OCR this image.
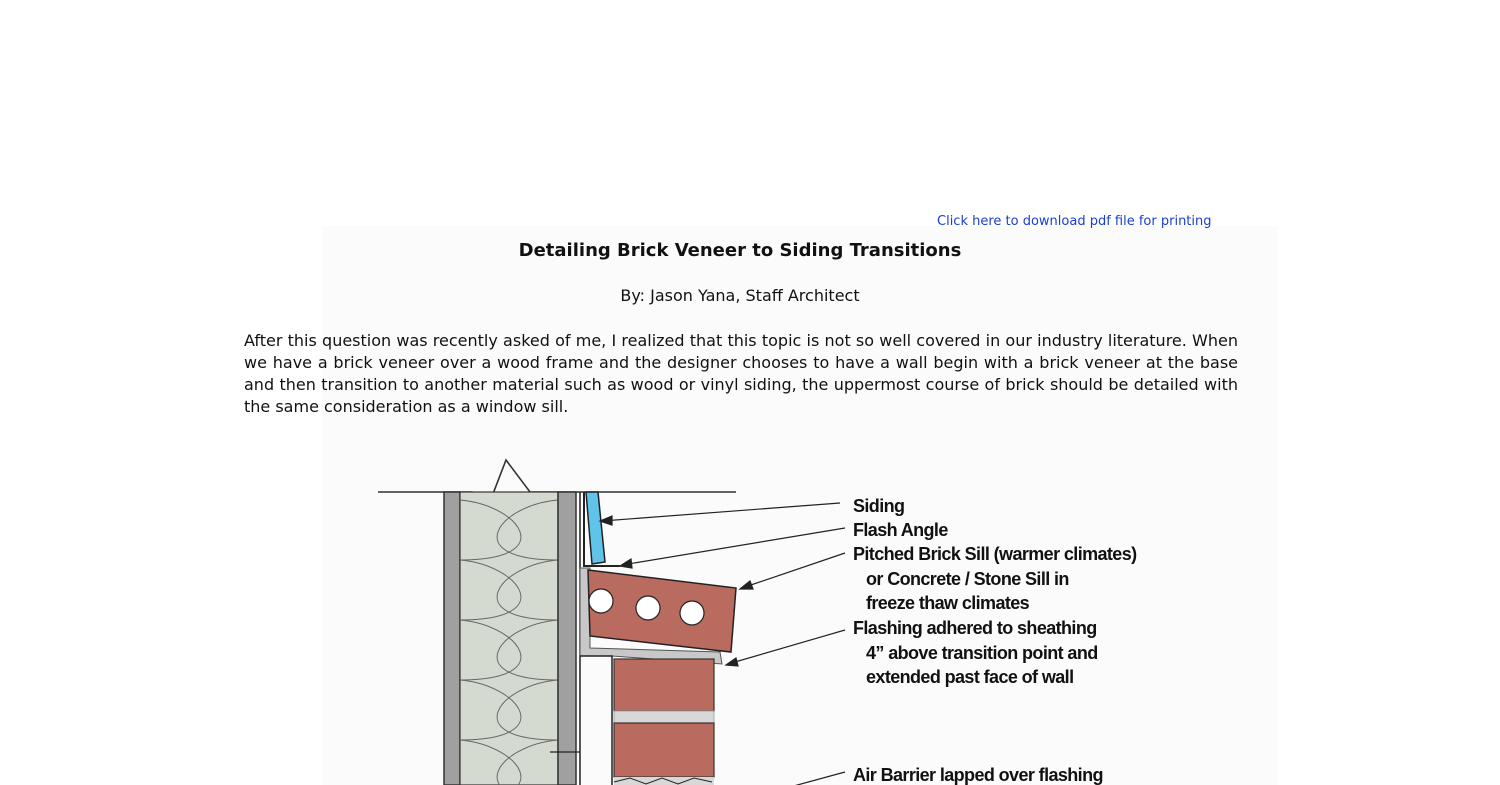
Click here to download pdf file for printing
Detailing Brick Veneer to Siding Transitions
By: Jason Yana, Staff Architect
After this question was recently asked of me, I realized that this topic is not so well covered in our industry literature. When we have a brick veneer over a wood frame and the designer chooses to have a wall begin with a brick veneer at the base and then transition to another material such as wood or vinyl siding, the uppermost course of brick should be detailed with the same consideration as a window sill.
Siding
Flash Angle
Pitched Brick Sill (warmer climates)
or Concrete / Stone Sill in
freeze thaw climates
Flashing adhered to sheathing
4” above transition point and
extended past face of wall
Air Barrier lapped over flashing
